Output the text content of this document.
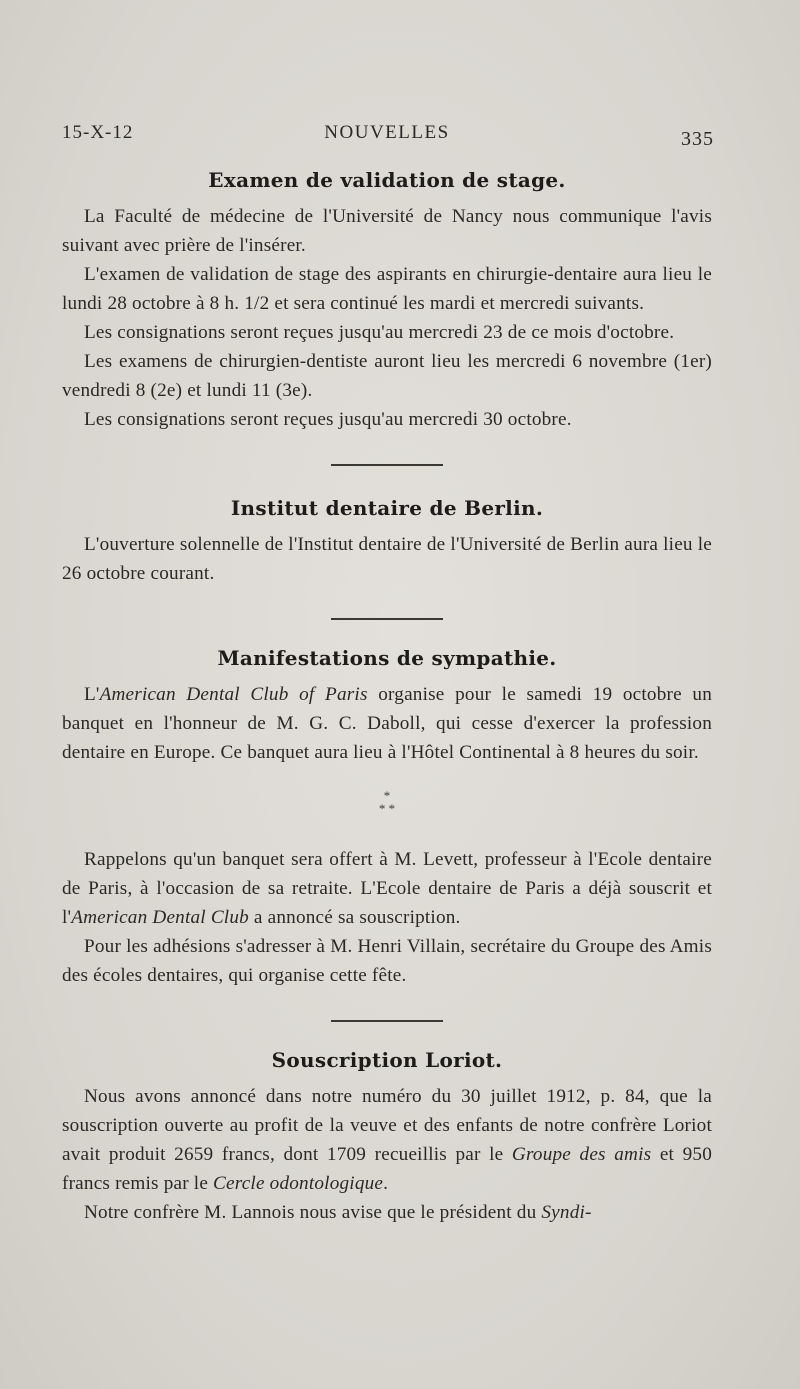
15-X-12	NOUVELLES	335
Examen de validation de stage.

La Faculté de médecine de l'Université de Nancy nous communique l'avis suivant avec prière de l'insérer.

L'examen de validation de stage des aspirants en chirurgie-dentaire aura lieu le lundi 28 octobre à 8 h. 1/2 et sera continué les mardi et mercredi suivants.

Les consignations seront reçues jusqu'au mercredi 23 de ce mois d'octobre.

Les examens de chirurgien-dentiste auront lieu les mercredi 6 novembre (1er) vendredi 8 (2e) et lundi 11 (3e).

Les consignations seront reçues jusqu'au mercredi 30 octobre.

Institut dentaire de Berlin.

L'ouverture solennelle de l'Institut dentaire de l'Université de Berlin aura lieu le 26 octobre courant.

Manifestations de sympathie.

L'American Dental Club of Paris organise pour le samedi 19 octobre un banquet en l'honneur de M. G. C. Daboll, qui cesse d'exercer la profession dentaire en Europe. Ce banquet aura lieu à l'Hôtel Continental à 8 heures du soir.

*
* *

Rappelons qu'un banquet sera offert à M. Levett, professeur à l'Ecole dentaire de Paris, à l'occasion de sa retraite. L'Ecole dentaire de Paris a déjà souscrit et l'American Dental Club a annoncé sa souscription.

Pour les adhésions s'adresser à M. Henri Villain, secrétaire du Groupe des Amis des écoles dentaires, qui organise cette fête.

Souscription Loriot.

Nous avons annoncé dans notre numéro du 30 juillet 1912, p. 84, que la souscription ouverte au profit de la veuve et des enfants de notre confrère Loriot avait produit 2659 francs, dont 1709 recueillis par le Groupe des amis et 950 francs remis par le Cercle odontologique.

Notre confrère M. Lannois nous avise que le président du Syndi-
